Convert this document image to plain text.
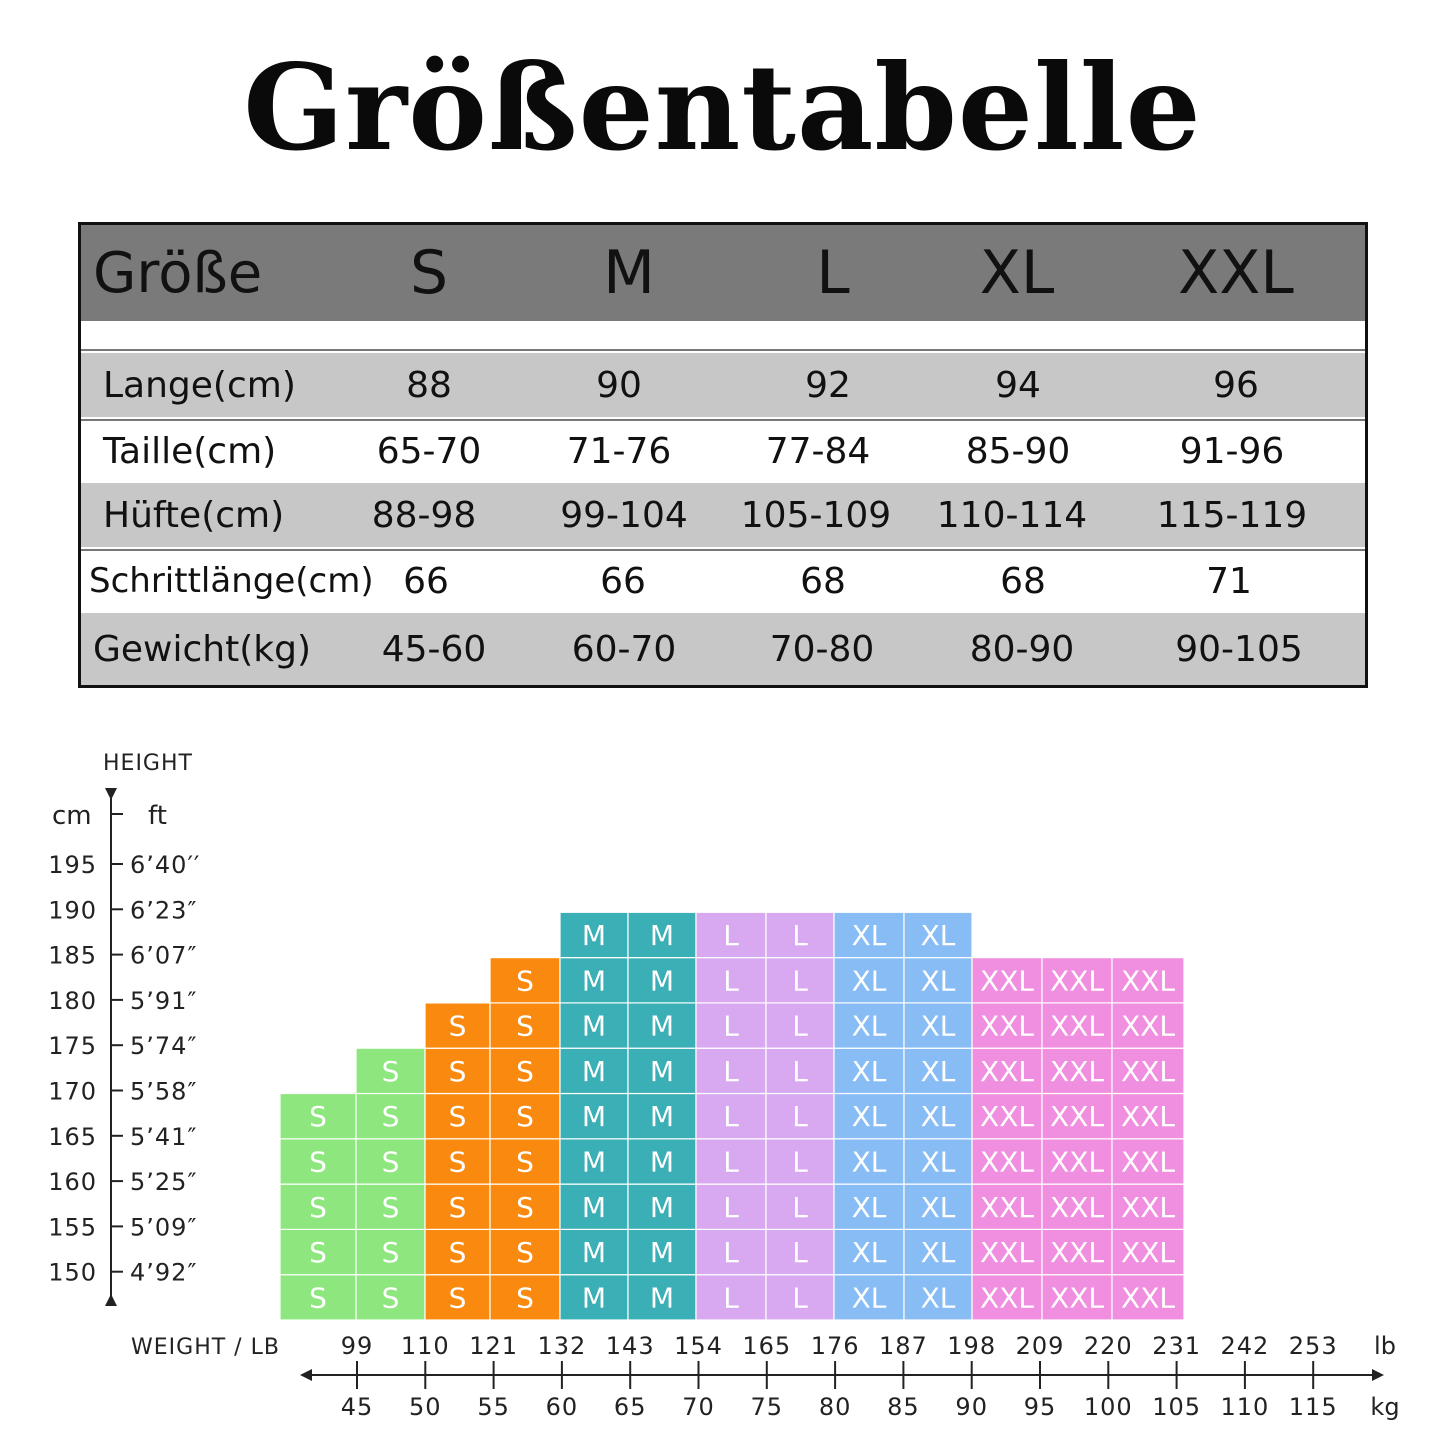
Größentabelle
Größe	S	M	L	XL	XXL
Lange(cm)	88	90	92	94	96
Taille(cm)	65-70	71-76	77-84	85-90	91-96
Hüfte(cm)	88-98	99-104	105-109	110-114	115-119
Schrittlänge(cm) 66	66	68	68	71
Gewicht(kg)	45-60	60-70	70-80	80-90	90-105
HEIGHT
cm ft
195 6’40′′
190 6’23″
185 6’07″
180 5’91″
175 5’74″
170 5’58″
165 5’41″
160 5’25″
155 5’09″
150 4’92″
S
S
S
S
S
S
S
S
S
S
S
S
S
S
S
S
S
S
S
S
S
S
S
S
S
S
M
M
M
M
M
M
M
M
M
M
M
M
M
M
M
M
M
M
L
L
L
L
L
L
L
L
L
L
L
L
L
L
L
L
L
L
XL
XL
XL
XL
XL
XL
XL
XL
XL
XL
XL
XL
XL
XL
XL
XL
XL
XL
XXL
XXL
XXL
XXL
XXL
XXL
XXL
XXL
XXL
XXL
XXL
XXL
XXL
XXL
XXL
XXL
XXL
XXL
XXL
XXL
XXL
XXL
XXL
XXL
WEIGHT / LB	99
45
110
50
121
55
132
60
143
65
154
70
165
75
176
80
187
85
198
90
209
95
220
100
231
105
242
110
253
115
lb
kg
